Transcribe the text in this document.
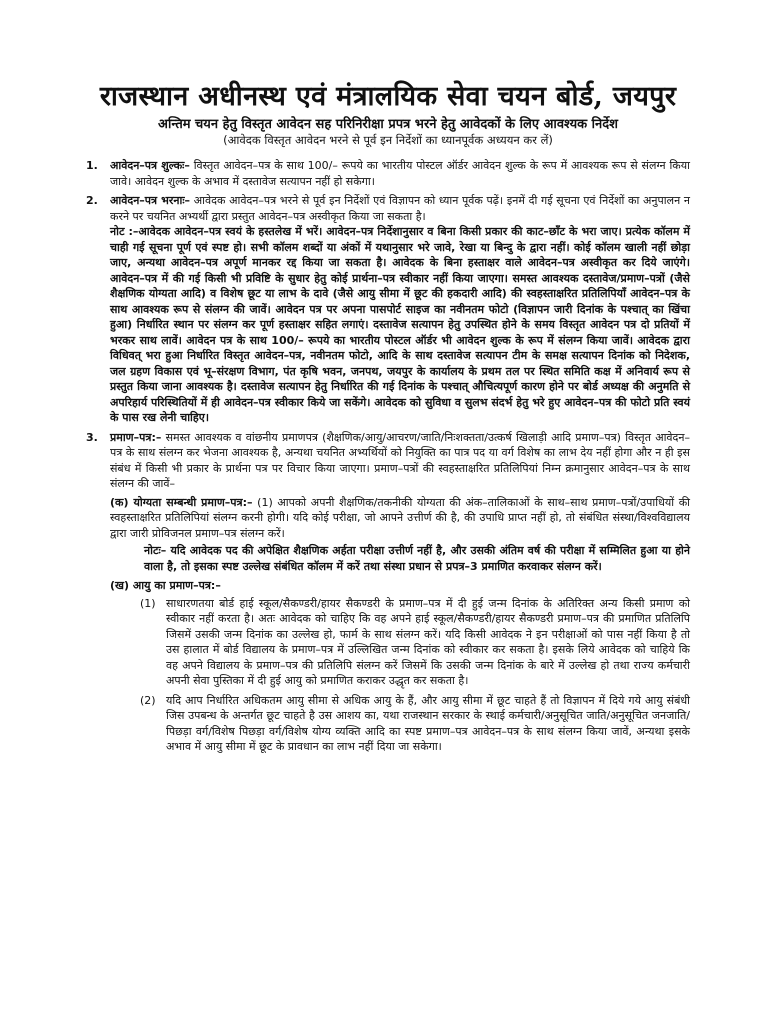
राजस्थान अधीनस्थ एवं मंत्रालयिक सेवा चयन बोर्ड, जयपुर

अन्तिम चयन हेतु विस्तृत आवेदन सह परिनिरीक्षा प्रपत्र भरने हेतु आवेदकों के लिए आवश्यक निर्देश

(आवेदक विस्तृत आवेदन भरने से पूर्व इन निर्देशों का ध्यानपूर्वक अध्ययन कर लें)

1. आवेदन–पत्र शुल्कः– विस्तृत आवेदन–पत्र के साथ 100/– रूपये का भारतीय पोस्टल ऑर्डर आवेदन शुल्क के रूप में आवश्यक रूप से संलग्न किया जावे। आवेदन शुल्क के अभाव में दस्तावेज सत्यापन नहीं हो सकेगा।

2. आवेदन–पत्र भरनाः– आवेदक आवेदन–पत्र भरने से पूर्व इन निर्देशों एवं विज्ञापन को ध्यान पूर्वक पढ़ें। इनमें दी गई सूचना एवं निर्देशों का अनुपालन न करने पर चयनित अभ्यर्थी द्वारा प्रस्तुत आवेदन–पत्र अस्वीकृत किया जा सकता है।

नोट :–आवेदक आवेदन–पत्र स्वयं के हस्तलेख में भरें। आवेदन–पत्र निर्देशानुसार व बिना किसी प्रकार की काट–छाँट के भरा जाए। प्रत्येक कॉलम में चाही गई सूचना पूर्ण एवं स्पष्ट हो। सभी कॉलम शब्दों या अंकों में यथानुसार भरे जावे, रेखा या बिन्दु के द्वारा नहीं। कोई कॉलम खाली नहीं छोड़ा जाए, अन्यथा आवेदन–पत्र अपूर्ण मानकर रद्द किया जा सकता है। आवेदक के बिना हस्ताक्षर वाले आवेदन–पत्र अस्वीकृत कर दिये जाएंगे। आवेदन–पत्र में की गई किसी भी प्रविष्टि के सुधार हेतु कोई प्रार्थना–पत्र स्वीकार नहीं किया जाएगा। समस्त आवश्यक दस्तावेज/प्रमाण–पत्रों (जैसे शैक्षणिक योग्यता आदि) व विशेष छूट या लाभ के दावे (जैसे आयु सीमा में छूट की हकदारी आदि) की स्वहस्ताक्षरित प्रतिलिपियाँ आवेदन–पत्र के साथ आवश्यक रूप से संलग्न की जावें। आवेदन पत्र पर अपना पासपोर्ट साइज का नवीनतम फोटो (विज्ञापन जारी दिनांक के पश्चात् का खिंचा हुआ) निर्धारित स्थान पर संलग्न कर पूर्ण हस्ताक्षर सहित लगाएं। दस्तावेज सत्यापन हेतु उपस्थित होने के समय विस्तृत आवेदन पत्र दो प्रतियों में भरकर साथ लावें। आवेदन पत्र के साथ 100/– रूपये का भारतीय पोस्टल ऑर्डर भी आवेदन शुल्क के रूप में संलग्न किया जावें। आवेदक द्वारा विधिवत् भरा हुआ निर्धारित विस्तृत आवेदन–पत्र, नवीनतम फोटो, आदि के साथ दस्तावेज सत्यापन टीम के समक्ष सत्यापन दिनांक को निदेशक, जल ग्रहण विकास एवं भू–संरक्षण विभाग, पंत कृषि भवन, जनपथ, जयपुर के कार्यालय के प्रथम तल पर स्थित समिति कक्ष में अनिवार्य रूप से प्रस्तुत किया जाना आवश्यक है। दस्तावेज सत्यापन हेतु निर्धारित की गई दिनांक के पश्चात् औचित्यपूर्ण कारण होने पर बोर्ड अध्यक्ष की अनुमति से अपरिहार्य परिस्थितियों में ही आवेदन–पत्र स्वीकार किये जा सकेंगे। आवेदक को सुविधा व सुलभ संदर्भ हेतु भरे हुए आवेदन–पत्र की फोटो प्रति स्वयं के पास रख लेनी चाहिए।

3. प्रमाण–पत्र:– समस्त आवश्यक व वांछनीय प्रमाणपत्र (शैक्षणिक/आयु/आचरण/जाति/निःशक्तता/उत्कर्ष खिलाड़ी आदि प्रमाण–पत्र) विस्तृत आवेदन–पत्र के साथ संलग्न कर भेजना आवश्यक है, अन्यथा चयनित अभ्यर्थियों को नियुक्ति का पात्र पद या वर्ग विशेष का लाभ देय नहीं होगा और न ही इस संबंध में किसी भी प्रकार के प्रार्थना पत्र पर विचार किया जाएगा। प्रमाण–पत्रों की स्वहस्ताक्षरित प्रतिलिपियां निम्न क्रमानुसार आवेदन–पत्र के साथ संलग्न की जावें–

(क) योग्यता सम्बन्धी प्रमाण–पत्र:– (1) आपको अपनी शैक्षणिक/तकनीकी योग्यता की अंक–तालिकाओं के साथ–साथ प्रमाण–पत्रों/उपाधियों की स्वहस्ताक्षरित प्रतिलिपियां संलग्न करनी होगी। यदि कोई परीक्षा, जो आपने उत्तीर्ण की है, की उपाधि प्राप्त नहीं हो, तो संबंधित संस्था/विश्वविद्यालय द्वारा जारी प्रोविजनल प्रमाण–पत्र संलग्न करें।

नोटः– यदि आवेदक पद की अपेक्षित शैक्षणिक अर्हता परीक्षा उत्तीर्ण नहीं है, और उसकी अंतिम वर्ष की परीक्षा में सम्मिलित हुआ या होने वाला है, तो इसका स्पष्ट उल्लेख संबंधित कॉलम में करें तथा संस्था प्रधान से प्रपत्र–3 प्रमाणित करवाकर संलग्न करें।

(ख) आयु का प्रमाण–पत्र:–

(1) साधारणतया बोर्ड हाई स्कूल/सैकण्डरी/हायर सैकण्डरी के प्रमाण–पत्र में दी हुई जन्म दिनांक के अतिरिक्त अन्य किसी प्रमाण को स्वीकार नहीं करता है। अतः आवेदक को चाहिए कि वह अपने हाई स्कूल/सैकण्डरी/हायर सैकण्डरी प्रमाण–पत्र की प्रमाणित प्रतिलिपि जिसमें उसकी जन्म दिनांक का उल्लेख हो, फार्म के साथ संलग्न करें। यदि किसी आवेदक ने इन परीक्षाओं को पास नहीं किया है तो उस हालात में बोर्ड विद्यालय के प्रमाण–पत्र में उल्लिखित जन्म दिनांक को स्वीकार कर सकता है। इसके लिये आवेदक को चाहिये कि वह अपने विद्यालय के प्रमाण–पत्र की प्रतिलिपि संलग्न करें जिसमें कि उसकी जन्म दिनांक के बारे में उल्लेख हो तथा राज्य कर्मचारी अपनी सेवा पुस्तिका में दी हुई आयु को प्रमाणित कराकर उद्धृत कर सकता है।
(2) यदि आप निर्धारित अधिकतम आयु सीमा से अधिक आयु के हैं, और आयु सीमा में छूट चाहते हैं तो विज्ञापन में दिये गये आयु संबंधी जिस उपबन्ध के अन्तर्गत छूट चाहते है उस आशय का, यथा राजस्थान सरकार के स्थाई कर्मचारी/अनुसूचित जाति/अनुसूचित जनजाति/पिछड़ा वर्ग/विशेष पिछड़ा वर्ग/विशेष योग्य व्यक्ति आदि का स्पष्ट प्रमाण–पत्र आवेदन–पत्र के साथ संलग्न किया जावें, अन्यथा इसके अभाव में आयु सीमा में छूट के प्रावधान का लाभ नहीं दिया जा सकेगा।
